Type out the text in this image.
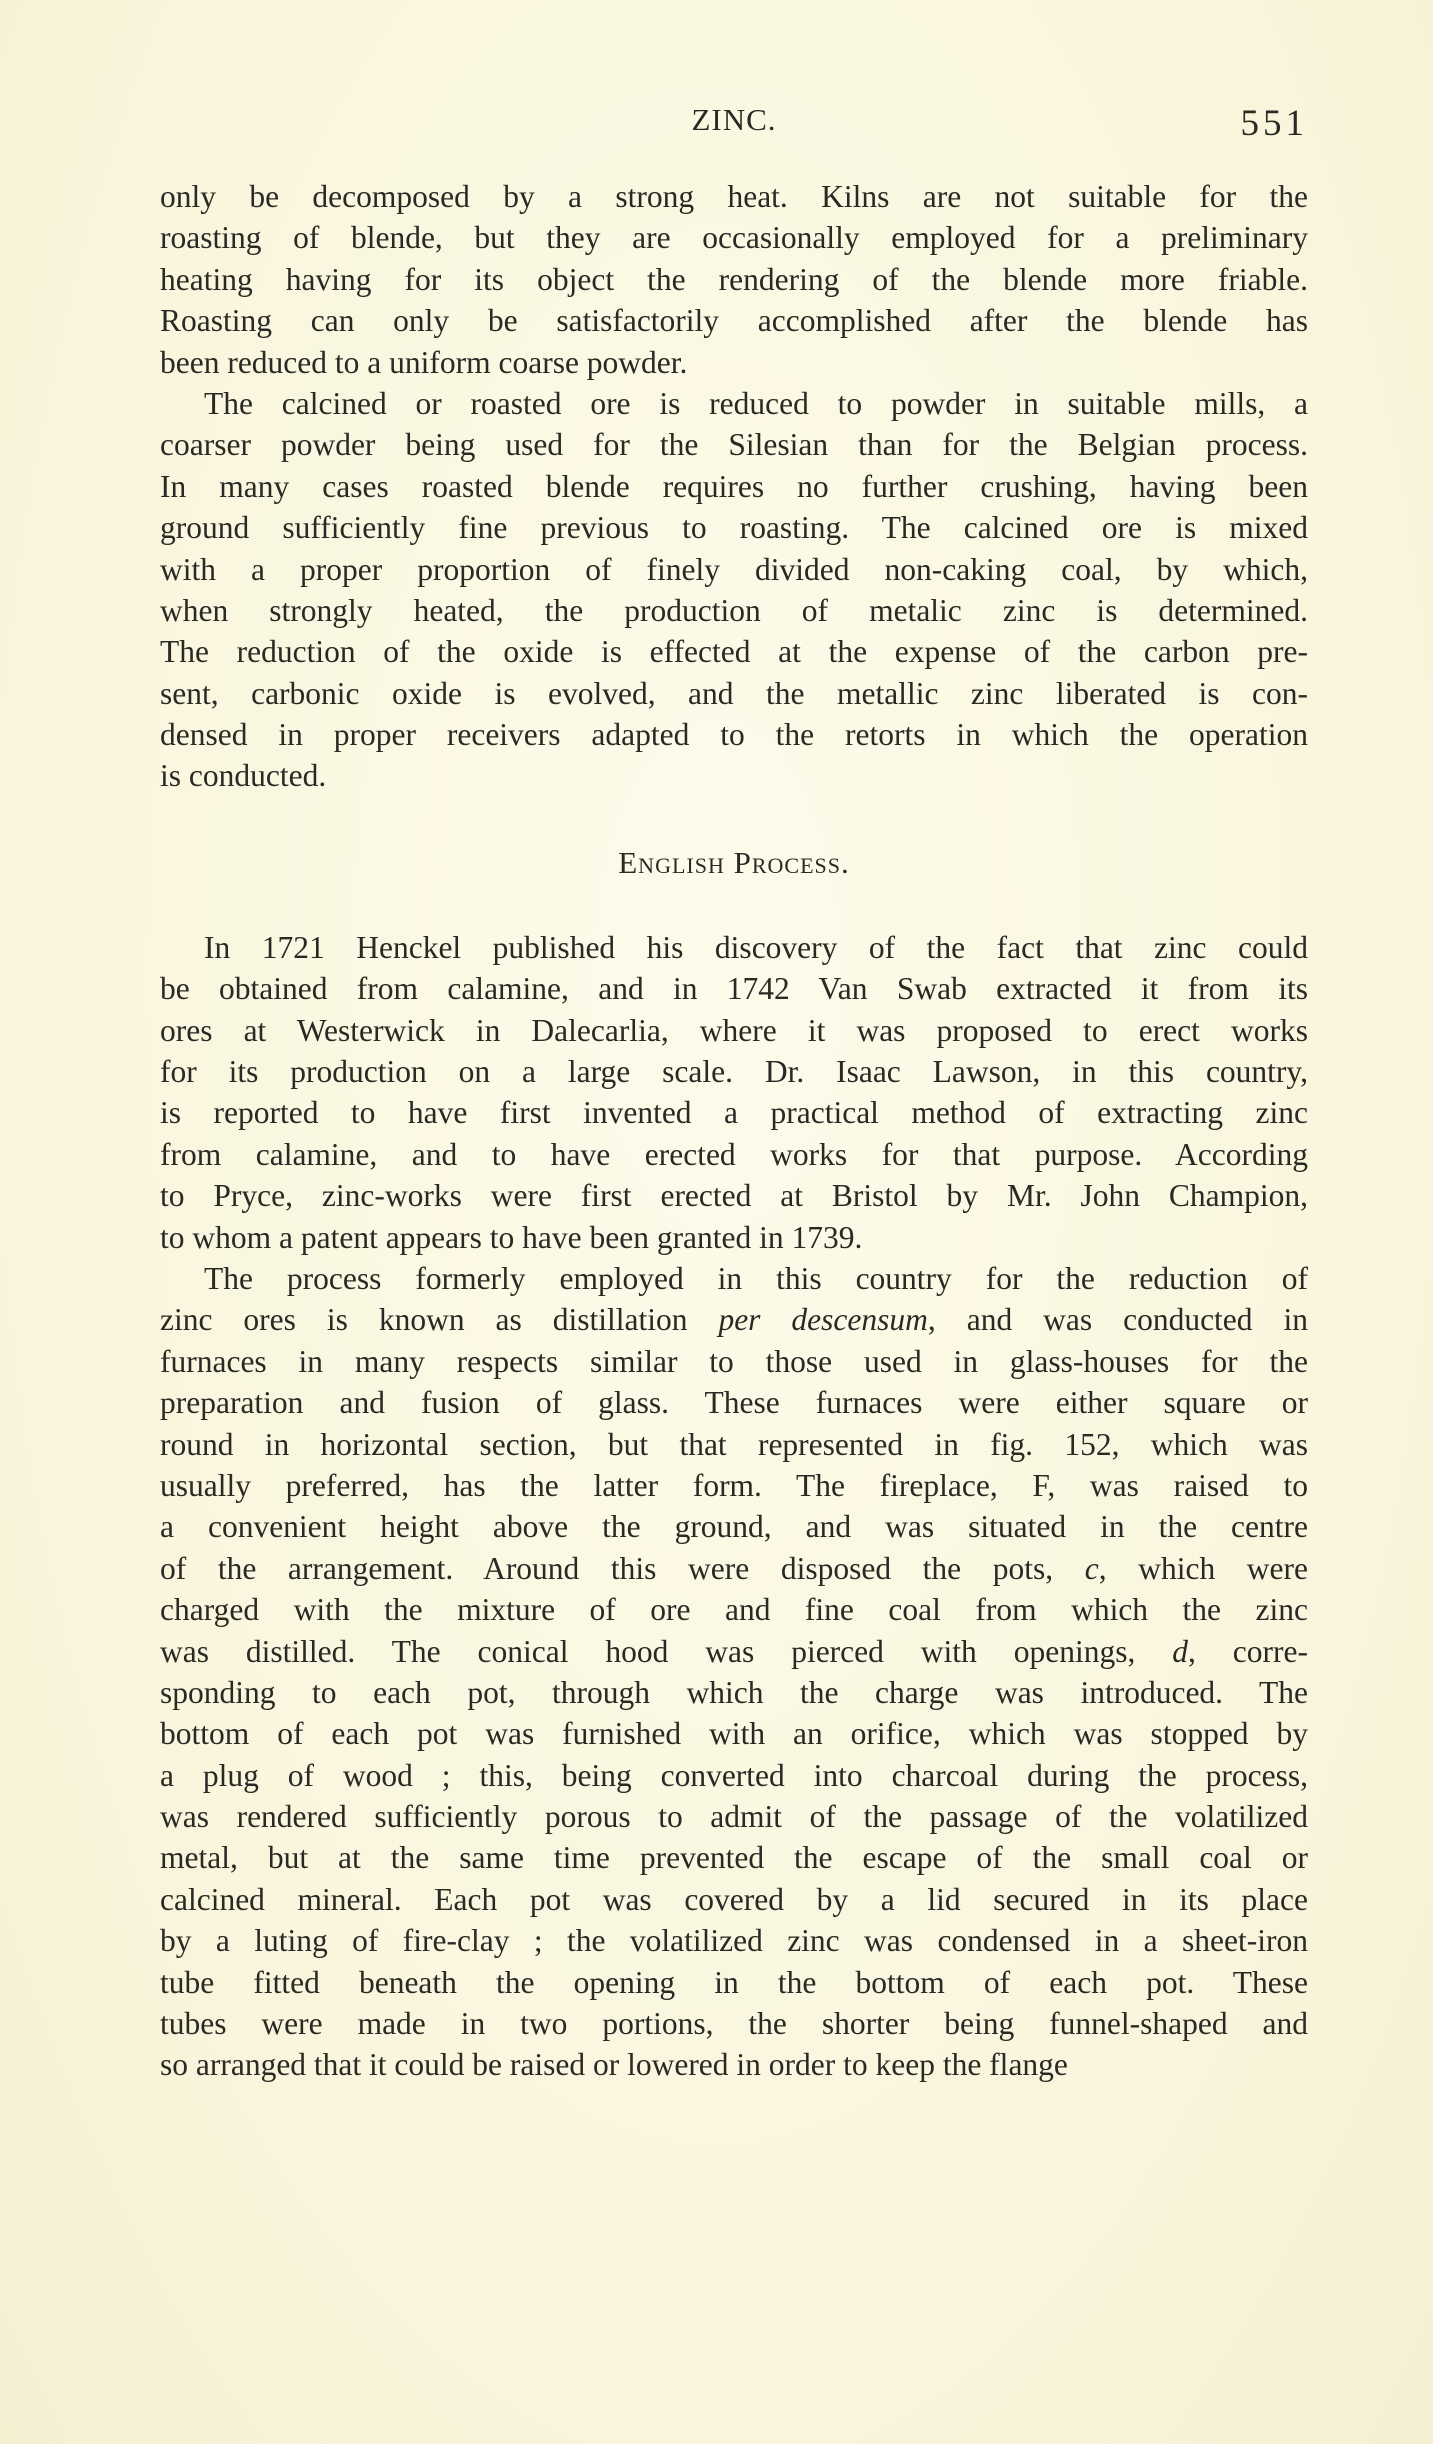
ZINC.	551
only be decomposed by a strong heat. Kilns are not suitable for the
roasting of blende, but they are occasionally employed for a preliminary
heating having for its object the rendering of the blende more friable.
Roasting can only be satisfactorily accomplished after the blende has
been reduced to a uniform coarse powder.
The calcined or roasted ore is reduced to powder in suitable mills, a
coarser powder being used for the Silesian than for the Belgian process.
In many cases roasted blende requires no further crushing, having been
ground sufficiently fine previous to roasting. The calcined ore is mixed
with a proper proportion of finely divided non-caking coal, by which,
when strongly heated, the production of metalic zinc is determined.
The reduction of the oxide is effected at the expense of the carbon pre-
sent, carbonic oxide is evolved, and the metallic zinc liberated is con-
densed in proper receivers adapted to the retorts in which the operation
is conducted.
English Process.
In 1721 Henckel published his discovery of the fact that zinc could
be obtained from calamine, and in 1742 Van Swab extracted it from its
ores at Westerwick in Dalecarlia, where it was proposed to erect works
for its production on a large scale. Dr. Isaac Lawson, in this country,
is reported to have first invented a practical method of extracting zinc
from calamine, and to have erected works for that purpose. According
to Pryce, zinc-works were first erected at Bristol by Mr. John Champion,
to whom a patent appears to have been granted in 1739.
The process formerly employed in this country for the reduction of
zinc ores is known as distillation per descensum, and was conducted in
furnaces in many respects similar to those used in glass-houses for the
preparation and fusion of glass. These furnaces were either square or
round in horizontal section, but that represented in fig. 152, which was
usually preferred, has the latter form. The fireplace, F, was raised to
a convenient height above the ground, and was situated in the centre
of the arrangement. Around this were disposed the pots, c, which were
charged with the mixture of ore and fine coal from which the zinc
was distilled. The conical hood was pierced with openings, d, corre-
sponding to each pot, through which the charge was introduced. The
bottom of each pot was furnished with an orifice, which was stopped by
a plug of wood ; this, being converted into charcoal during the process,
was rendered sufficiently porous to admit of the passage of the volatilized
metal, but at the same time prevented the escape of the small coal or
calcined mineral. Each pot was covered by a lid secured in its place
by a luting of fire-clay ; the volatilized zinc was condensed in a sheet-iron
tube fitted beneath the opening in the bottom of each pot. These
tubes were made in two portions, the shorter being funnel-shaped and
so arranged that it could be raised or lowered in order to keep the flange
